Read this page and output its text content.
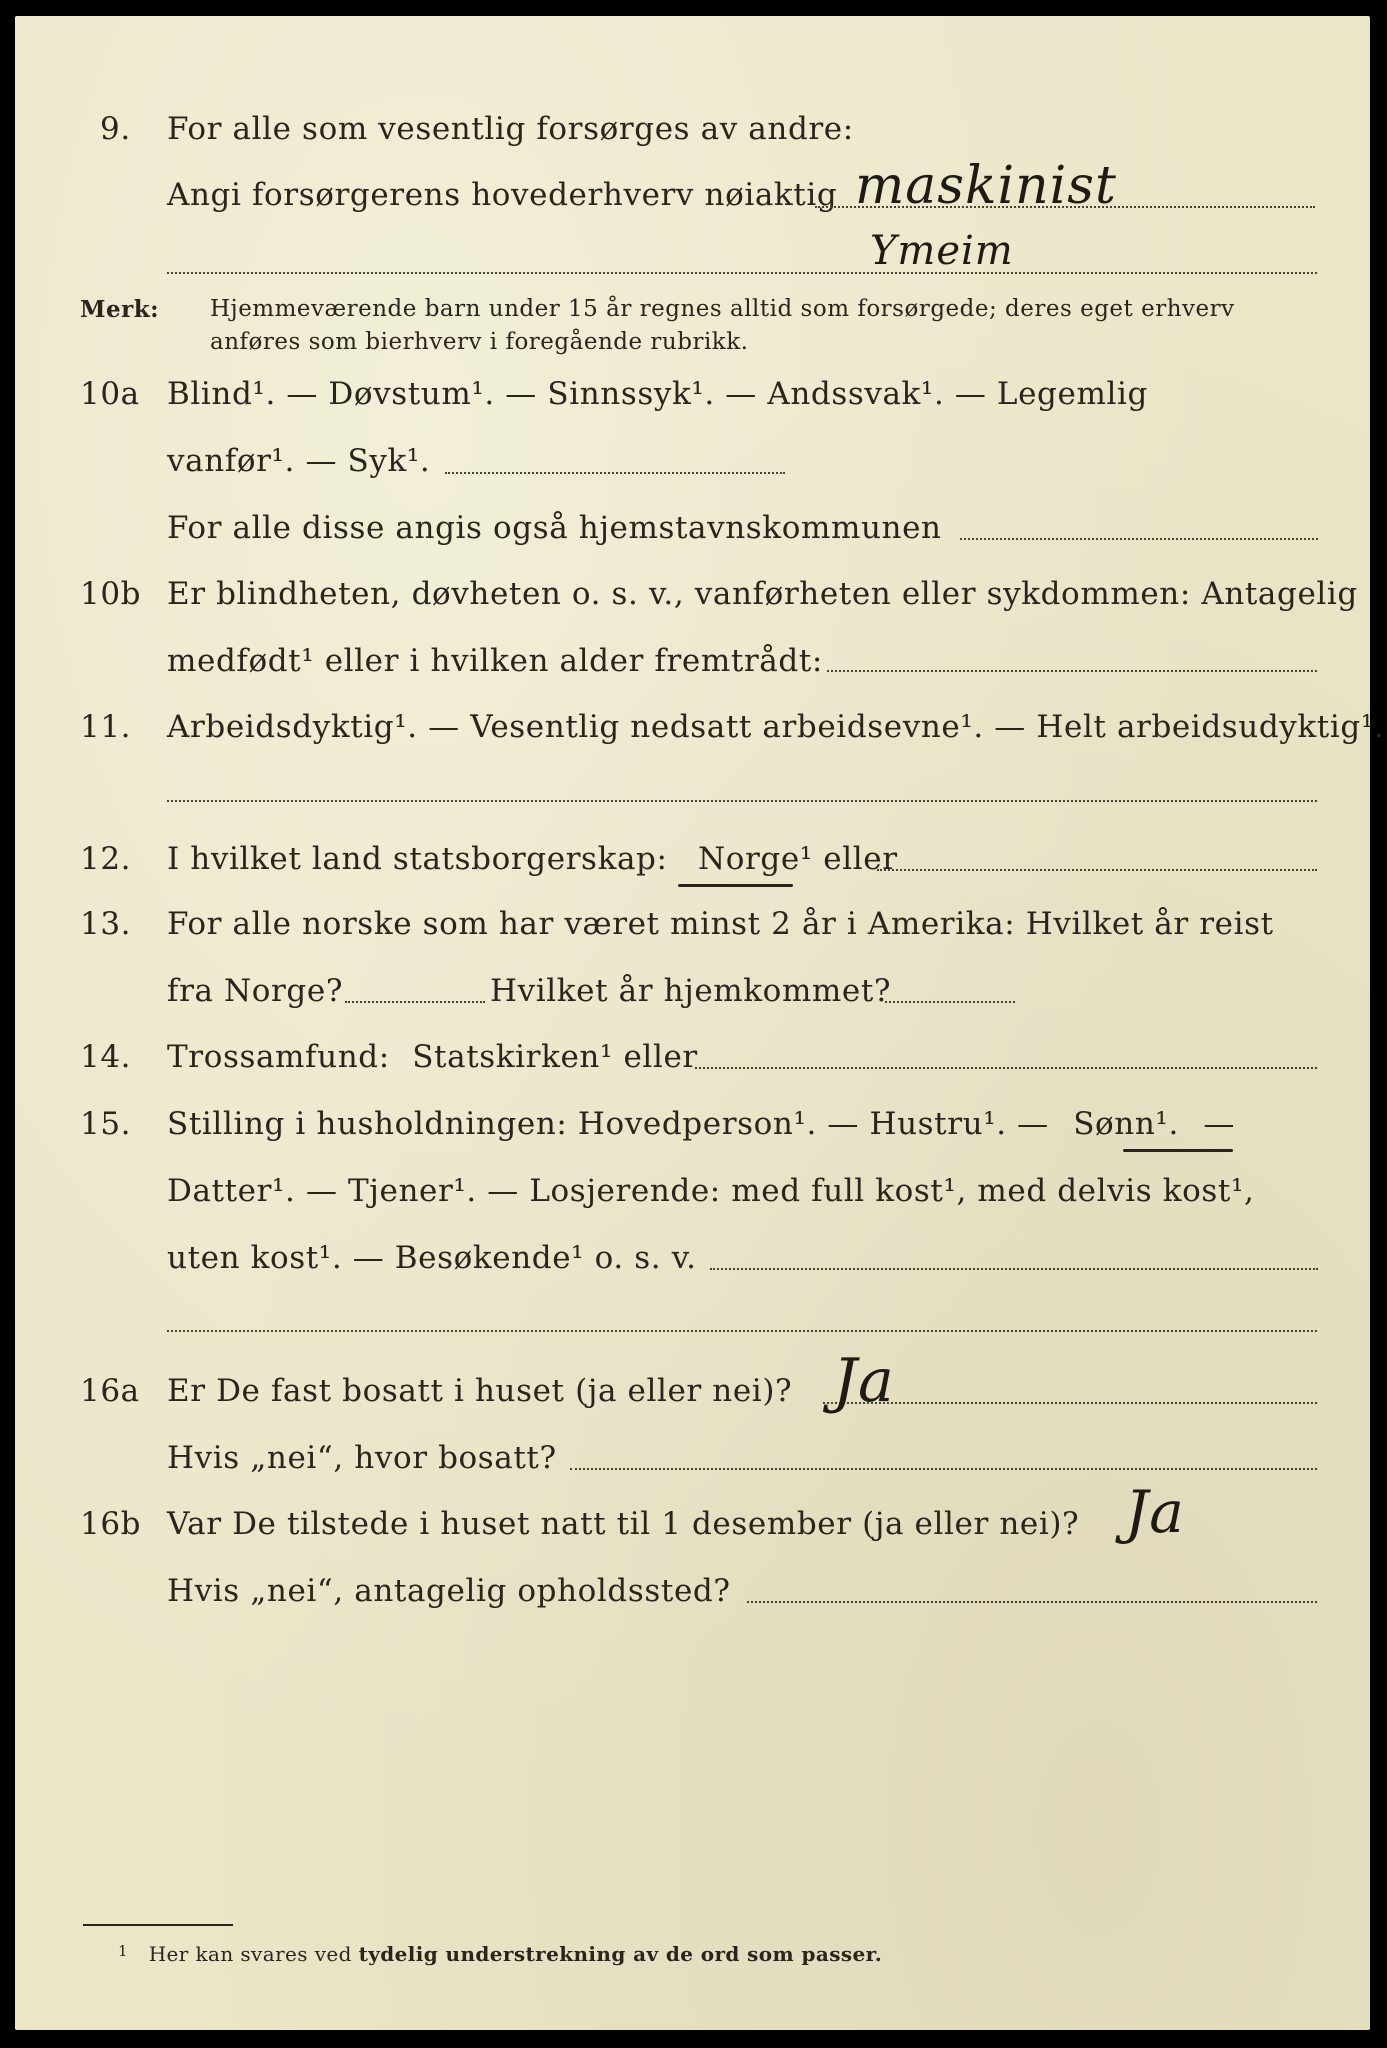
9. For alle som vesentlig forsørges av andre:
Angi forsørgerens hovederhverv nøiaktig maskinist
Ymeim
Merk: Hjemmeværende barn under 15 år regnes alltid som forsørgede; deres eget erhverv
anføres som bierhverv i foregående rubrikk.
10a Blind¹. — Døvstum¹. — Sinnssyk¹. — Andssvak¹. — Legemlig
vanfør¹. — Syk¹.
For alle disse angis også hjemstavnskommunen
10b Er blindheten, døvheten o. s. v., vanførheten eller sykdommen: Antagelig
medfødt¹ eller i hvilken alder fremtrådt:
11. Arbeidsdyktig¹. — Vesentlig nedsatt arbeidsevne¹. — Helt arbeidsudyktig¹.
12. I hvilket land statsborgerskap: Norge¹ eller
13. For alle norske som har været minst 2 år i Amerika: Hvilket år reist
fra Norge?	Hvilket år hjemkommet?
14. Trossamfund: Statskirken¹ eller
15. Stilling i husholdningen: Hovedperson¹. — Hustru¹. — Sønn¹. —
Datter¹. — Tjener¹. — Losjerende: med full kost¹, med delvis kost¹,
uten kost¹. — Besøkende¹ o. s. v.
16a Er De fast bosatt i huset (ja eller nei)? Ja
Hvis „nei“, hvor bosatt?
16b Var De tilstede i huset natt til 1 desember (ja eller nei)? Ja
Hvis „nei“, antagelig opholdssted?
$^1$ Her kan svares ved tydelig understrekning av de ord som passer.
